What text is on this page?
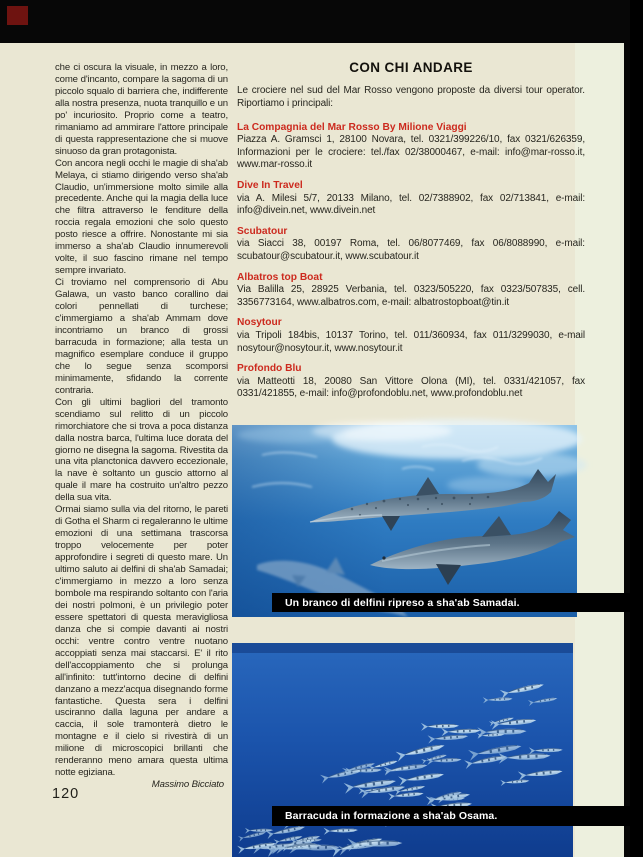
che ci oscura la visuale, in mezzo a loro, come d'incanto, compare la sagoma di un piccolo squalo di barriera che, indifferente alla nostra presenza, nuota tranquillo e un po' incuriosito. Proprio come a teatro, rimaniamo ad ammirare l'attore principale di questa rappresentazione che si muove sinuoso da gran protagonista.

Con ancora negli occhi le magie di sha'ab Melaya, ci stiamo dirigendo verso sha'ab Claudio, un'immersione molto simile alla precedente. Anche qui la magia della luce che filtra attraverso le fenditure della roccia regala emozioni che solo questo posto riesce a offrire. Nonostante mi sia immerso a sha'ab Claudio innumerevoli volte, il suo fascino rimane nel tempo sempre invariato.

Ci troviamo nel comprensorio di Abu Galawa, un vasto banco corallino dai colori pennellati di turchese; c'immergiamo a sha'ab Ammam dove incontriamo un branco di grossi barracuda in formazione; alla testa un magnifico esemplare conduce il gruppo che lo segue senza scomporsi minimamente, sfidando la corrente contraria.

Con gli ultimi bagliori del tramonto scendiamo sul relitto di un piccolo rimorchiatore che si trova a poca distanza dalla nostra barca, l'ultima luce dorata del giorno ne disegna la sagoma. Rivestita da una vita planctonica davvero eccezionale, la nave è soltanto un guscio attorno al quale il mare ha costruito un'altro pezzo della sua vita.

Ormai siamo sulla via del ritorno, le pareti di Gotha el Sharm ci regaleranno le ultime emozioni di una settimana trascorsa troppo velocemente per poter approfondire i segreti di questo mare. Un ultimo saluto ai delfini di sha'ab Samadai; c'immergiamo in mezzo a loro senza bombole ma respirando soltanto con l'aria dei nostri polmoni, è un privilegio poter essere spettatori di questa meravigliosa danza che si compie davanti ai nostri occhi: ventre contro ventre nuotano accoppiati senza mai staccarsi. E' il rito dell'accoppiamento che si prolunga all'infinito: tutt'intorno decine di delfini danzano a mezz'acqua disegnando forme fantastiche. Questa sera i delfini usciranno dalla laguna per andare a caccia, il sole tramonterà dietro le montagne e il cielo si rivestirà di un milione di microscopici brillanti che renderanno meno amara questa ultima notte egiziana.

Massimo Bicciato

120
CON CHI ANDARE
Le crociere nel sud del Mar Rosso vengono proposte da diversi tour operator. Riportiamo i principali:
La Compagnia del Mar Rosso By Milione Viaggi
Piazza A. Gramsci 1, 28100 Novara, tel. 0321/399226/10, fax 0321/626359, Informazioni per le crociere: tel./fax 02/38000467, e-mail: info@mar-rosso.it, www.mar-rosso.it
Dive In Travel
via A. Milesi 5/7, 20133 Milano, tel. 02/7388902, fax 02/713841, e-mail: info@divein.net, www.divein.net
Scubatour
via Siacci 38, 00197 Roma, tel. 06/8077469, fax 06/8088990, e-mail: scubatour@scubatour.it, www.scubatour.it
Albatros top Boat
Via Balilla 25, 28925 Verbania, tel. 0323/505220, fax 0323/507835, cell. 3356773164, www.albatros.com, e-mail: albatrostopboat@tin.it
Nosytour
via Tripoli 184bis, 10137 Torino, tel. 011/360934, fax 011/3299030, e-mail nosytour@nosytour.it, www.nosytour.it
Profondo Blu
via Matteotti 18, 20080 San Vittore Olona (MI), tel. 0331/421057, fax 0331/421855, e-mail: info@profondoblu.net, www.profondoblu.net
Un branco di delfini ripreso a sha'ab Samadai.
Barracuda in formazione a sha'ab Osama.
